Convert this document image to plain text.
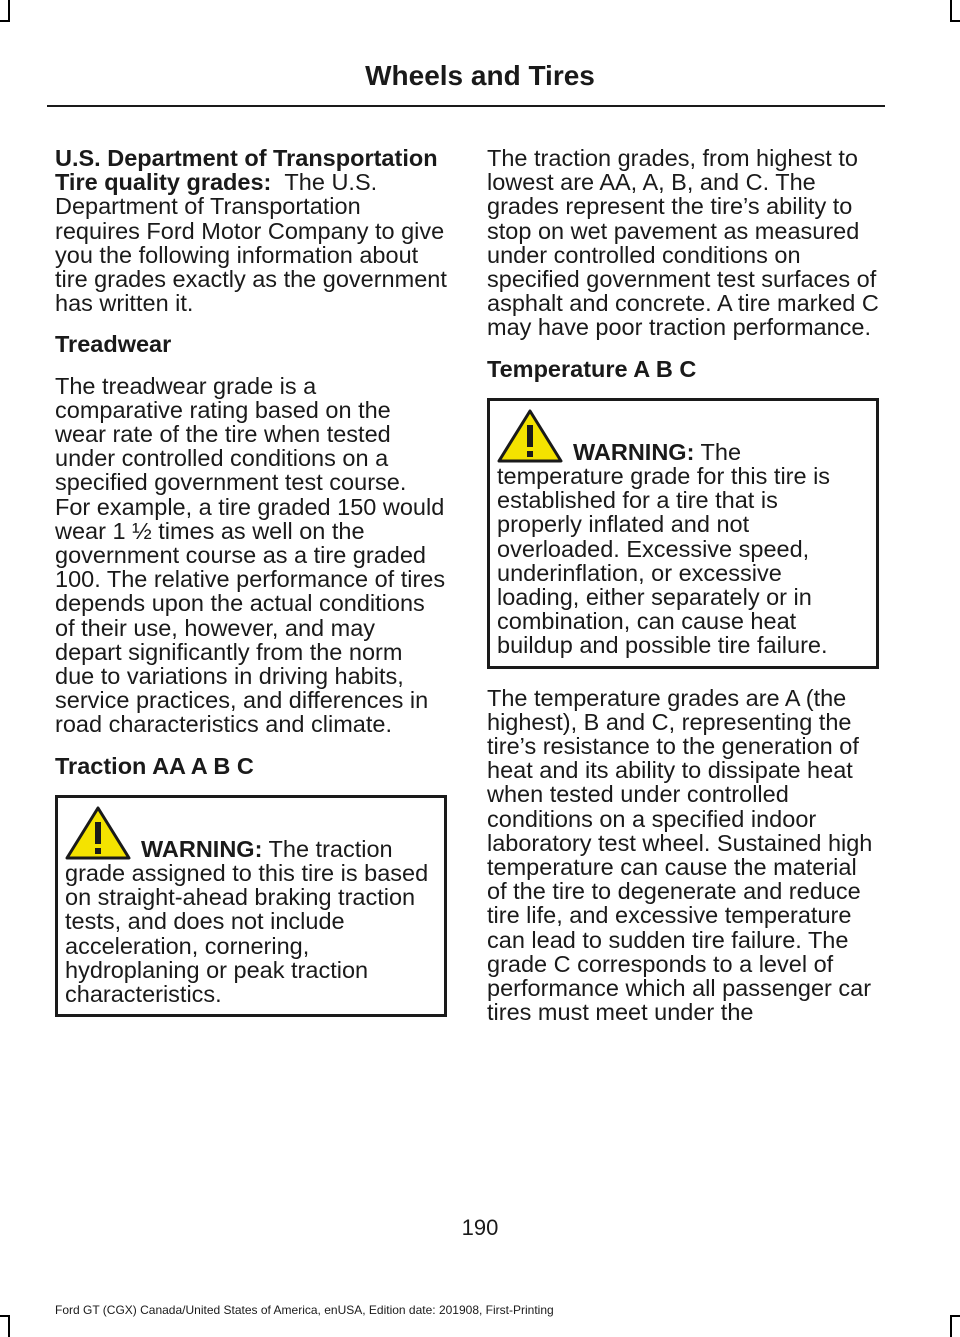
Wheels and Tires

U.S. Department of Transportation Tire quality grades: The U.S. Department of Transportation requires Ford Motor Company to give you the following information about tire grades exactly as the government has written it.

Treadwear

The treadwear grade is a comparative rating based on the wear rate of the tire when tested under controlled conditions on a specified government test course. For example, a tire graded 150 would wear 1 ½ times as well on the government course as a tire graded 100. The relative performance of tires depends upon the actual conditions of their use, however, and may depart significantly from the norm due to variations in driving habits, service practices, and differences in road characteristics and climate.

Traction AA A B C
WARNING: The traction grade assigned to this tire is based on straight-ahead braking traction tests, and does not include acceleration, cornering, hydroplaning or peak traction characteristics.

The traction grades, from highest to lowest are AA, A, B, and C. The grades represent the tire’s ability to stop on wet pavement as measured under controlled conditions on specified government test surfaces of asphalt and concrete. A tire marked C may have poor traction performance.

Temperature A B C
WARNING: The temperature grade for this tire is established for a tire that is properly inflated and not overloaded. Excessive speed, underinflation, or excessive loading, either separately or in combination, can cause heat buildup and possible tire failure.

The temperature grades are A (the highest), B and C, representing the tire’s resistance to the generation of heat and its ability to dissipate heat when tested under controlled conditions on a specified indoor laboratory test wheel. Sustained high temperature can cause the material of the tire to degenerate and reduce tire life, and excessive temperature can lead to sudden tire failure. The grade C corresponds to a level of performance which all passenger car tires must meet under the

190
Ford GT (CGX) Canada/United States of America, enUSA, Edition date: 201908, First-Printing
